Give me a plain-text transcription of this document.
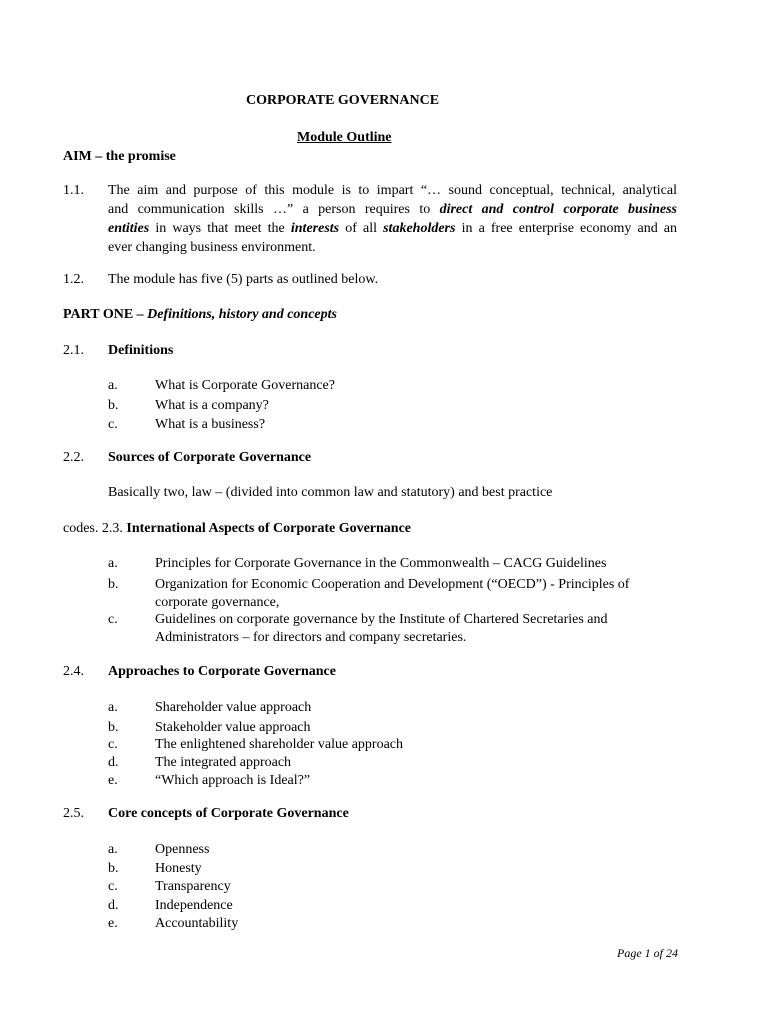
CORPORATE GOVERNANCE
Module Outline
AIM – the promise
1.1. The aim and purpose of this module is to impart “… sound conceptual, technical, analytical
and communication skills …” a person requires to direct and control corporate business
entities in ways that meet the interests of all stakeholders in a free enterprise economy and an
ever changing business environment.
1.2. The module has five (5) parts as outlined below.
PART ONE – Definitions, history and concepts
2.1. Definitions
a.	What is Corporate Governance?
b.	What is a company?
c.	What is a business?
2.2. Sources of Corporate Governance
Basically two, law – (divided into common law and statutory) and best practice
codes. 2.3. International Aspects of Corporate Governance
a.	Principles for Corporate Governance in the Commonwealth – CACG Guidelines
b.	Organization for Economic Cooperation and Development (“OECD”) - Principles of
corporate governance,
c.	Guidelines on corporate governance by the Institute of Chartered Secretaries and
Administrators – for directors and company secretaries.
2.4. Approaches to Corporate Governance
a.	Shareholder value approach
b.	Stakeholder value approach
c.	The enlightened shareholder value approach
d.	The integrated approach
e.	“Which approach is Ideal?”
2.5. Core concepts of Corporate Governance
a.	Openness
b.	Honesty
c.	Transparency
d.	Independence
e.	Accountability
Page 1 of 24
